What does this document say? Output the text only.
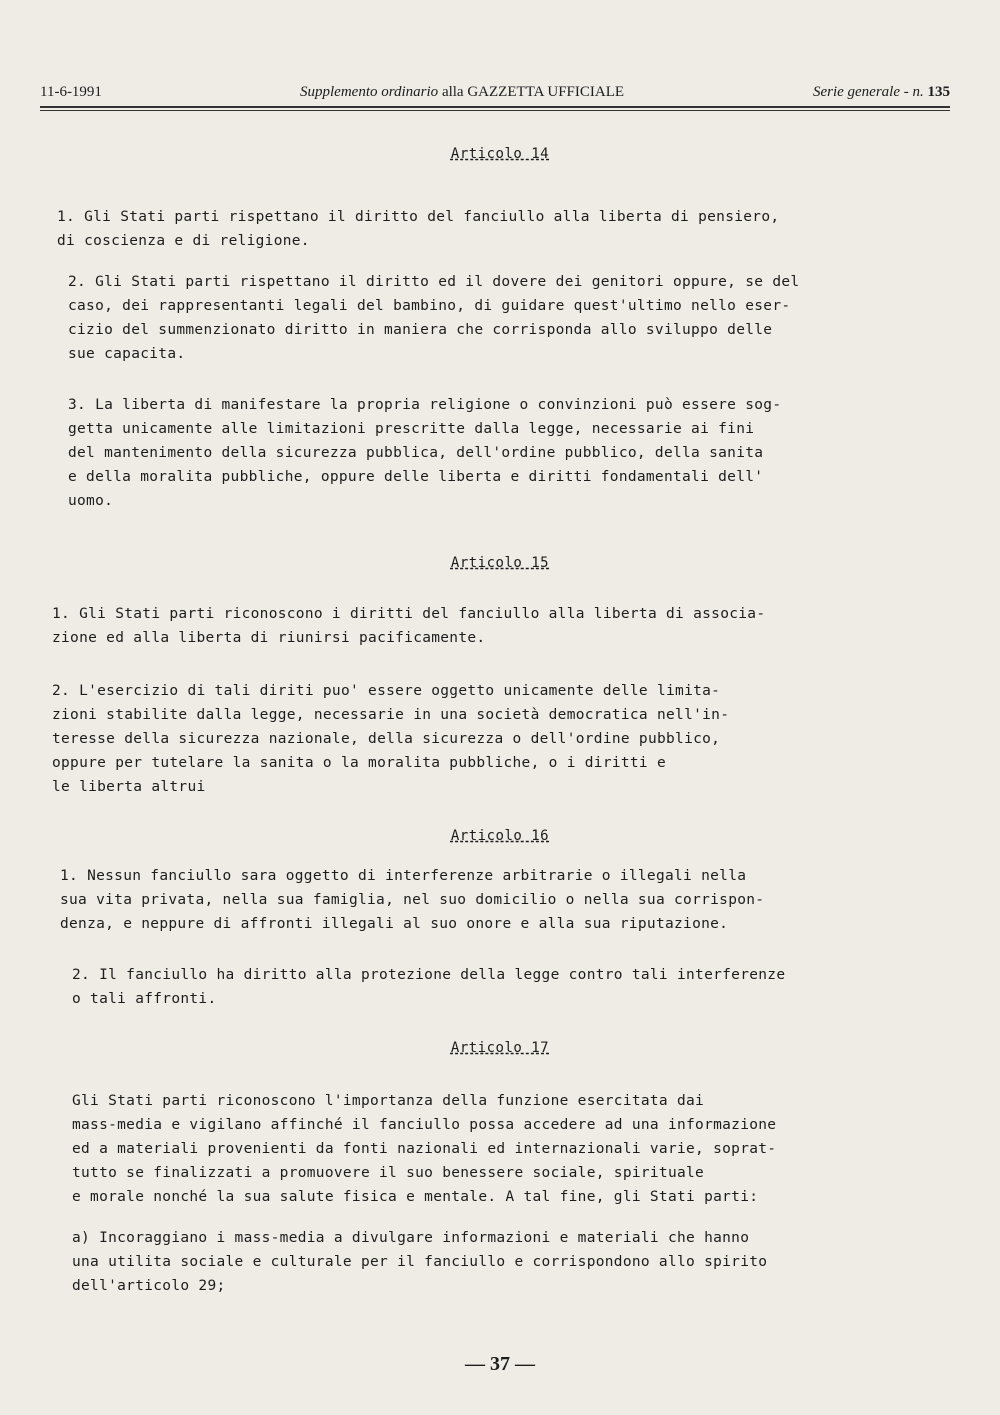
11-6-1991	Supplemento ordinario alla GAZZETTA UFFICIALE	Serie generale - n. 135
Articolo 14
1. Gli Stati parti rispettano il diritto del fanciullo alla liberta di pensiero,
di coscienza e di religione.
2. Gli Stati parti rispettano il diritto ed il dovere dei genitori oppure, se del
caso, dei rappresentanti legali del bambino, di guidare quest'ultimo nello eser-
cizio del summenzionato diritto in maniera che corrisponda allo sviluppo delle
sue capacita.
3. La liberta di manifestare la propria religione o convinzioni può essere sog-
getta unicamente alle limitazioni prescritte dalla legge, necessarie ai fini
del mantenimento della sicurezza pubblica, dell'ordine pubblico, della sanita
e della moralita pubbliche, oppure delle liberta e diritti fondamentali dell'
uomo.
Articolo 15
1. Gli Stati parti riconoscono i diritti del fanciullo alla liberta di associa-
zione ed alla liberta di riunirsi pacificamente.
2. L'esercizio di tali diriti puo' essere oggetto unicamente delle limita-
zioni stabilite dalla legge, necessarie in una società democratica nell'in-
teresse della sicurezza nazionale, della sicurezza o dell'ordine pubblico,
oppure per tutelare la sanita o la moralita pubbliche, o i diritti e
le liberta altrui
Articolo 16
1. Nessun fanciullo sara oggetto di interferenze arbitrarie o illegali nella
sua vita privata, nella sua famiglia, nel suo domicilio o nella sua corrispon-
denza, e neppure di affronti illegali al suo onore e alla sua riputazione.
2. Il fanciullo ha diritto alla protezione della legge contro tali interferenze
o tali affronti.
Articolo 17
Gli Stati parti riconoscono l'importanza della funzione esercitata dai
mass-media e vigilano affinché il fanciullo possa accedere ad una informazione
ed a materiali provenienti da fonti nazionali ed internazionali varie, soprat-
tutto se finalizzati a promuovere il suo benessere sociale, spirituale
e morale nonché la sua salute fisica e mentale. A tal fine, gli Stati parti:
a) Incoraggiano i mass-media a divulgare informazioni e materiali che hanno
una utilita sociale e culturale per il fanciullo e corrispondono allo spirito
dell'articolo 29;
— 37 —
